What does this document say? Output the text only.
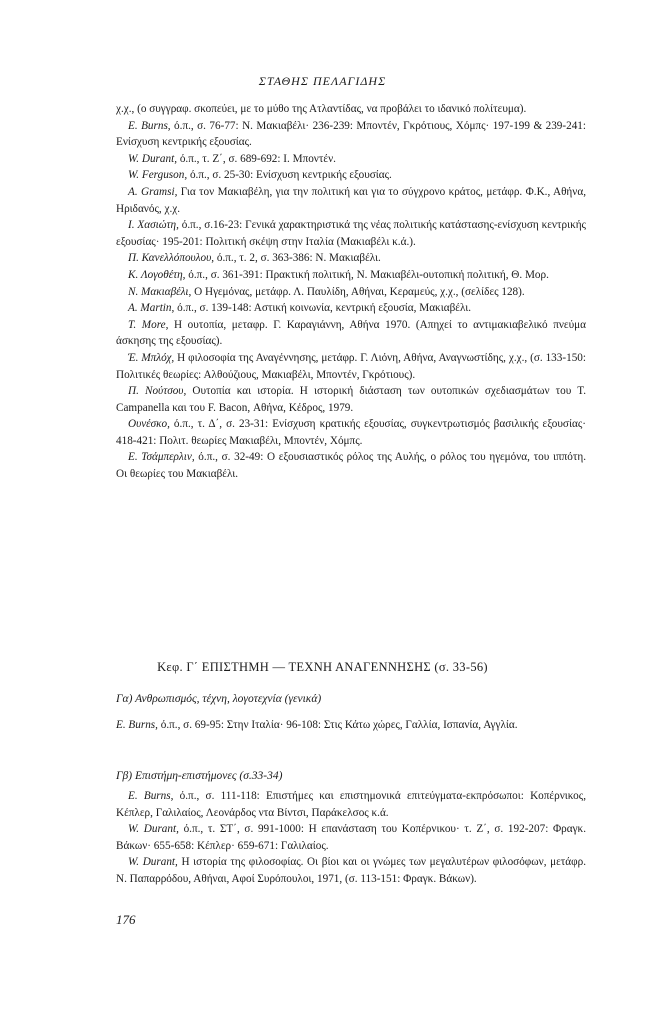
ΣΤΑΘΗΣ ΠΕΛΑΓΙΔΗΣ

χ.χ., (ο συγγραφ. σκοπεύει, με το μύθο της Ατλαντίδας, να προβάλει το ιδανικό πολίτευμα).

E. Burns, ό.π., σ. 76-77: Ν. Μακιαβέλι· 236-239: Μποντέν, Γκρότιους, Χόμπς· 197-199 & 239-241: Ενίσχυση κεντρικής εξουσίας.

W. Durant, ό.π., τ. Ζ΄, σ. 689-692: Ι. Μποντέν.

W. Ferguson, ό.π., σ. 25-30: Ενίσχυση κεντρικής εξουσίας.

A. Gramsi, Για τον Μακιαβέλη, για την πολιτική και για το σύγχρονο κράτος, μετάφρ. Φ.Κ., Αθήνα, Ηριδανός, χ.χ.

Ι. Χασιώτη, ό.π., σ.16-23: Γενικά χαρακτηριστικά της νέας πολιτικής κατάστασης-ενίσχυση κεντρικής εξουσίας· 195-201: Πολιτική σκέψη στην Ιταλία (Μακιαβέλι κ.ά.).

Π. Κανελλόπουλου, ό.π., τ. 2, σ. 363-386: Ν. Μακιαβέλι.

Κ. Λογοθέτη, ό.π., σ. 361-391: Πρακτική πολιτική, Ν. Μακιαβέλι-ουτοπική πολιτική, Θ. Μορ.

Ν. Μακιαβέλι, Ο Ηγεμόνας, μετάφρ. Λ. Παυλίδη, Αθήναι, Κεραμεύς, χ.χ., (σελίδες 128).

A. Martin, ό.π., σ. 139-148: Αστική κοινωνία, κεντρική εξουσία, Μακιαβέλι.

T. More, Η ουτοπία, μεταφρ. Γ. Καραγιάννη, Αθήνα 1970. (Απηχεί το αντιμακιαβελικό πνεύμα άσκησης της εξουσίας).

Έ. Μπλόχ, Η φιλοσοφία της Αναγέννησης, μετάφρ. Γ. Λιόνη, Αθήνα, Αναγνωστίδης, χ.χ., (σ. 133-150: Πολιτικές θεωρίες: Αλθούζιους, Μακιαβέλι, Μποντέν, Γκρότιους).

Π. Νούτσου, Ουτοπία και ιστορία. Η ιστορική διάσταση των ουτοπικών σχεδιασμάτων του Τ. Campanella και του F. Bacon, Αθήνα, Κέδρος, 1979.

Ουνέσκο, ό.π., τ. Δ΄, σ. 23-31: Ενίσχυση κρατικής εξουσίας, συγκεντρωτισμός βασιλικής εξουσίας· 418-421: Πολιτ. θεωρίες Μακιαβέλι, Μποντέν, Χόμπς.

Ε. Τσάμπερλιν, ό.π., σ. 32-49: Ο εξουσιαστικός ρόλος της Αυλής, ο ρόλος του ηγεμόνα, του ιππότη. Οι θεωρίες του Μακιαβέλι.

Κεφ. Γ΄ ΕΠΙΣΤΗΜΗ — ΤΕΧΝΗ ΑΝΑΓΕΝΝΗΣΗΣ (σ. 33-56)
Γα) Ανθρωπισμός, τέχνη, λογοτεχνία (γενικά)

E. Burns, ό.π., σ. 69-95: Στην Ιταλία· 96-108: Στις Κάτω χώρες, Γαλλία, Ισπανία, Αγγλία.

Γβ) Επιστήμη-επιστήμονες (σ.33-34)

E. Burns, ό.π., σ. 111-118: Επιστήμες και επιστημονικά επιτεύγματα-εκπρόσωποι: Κοπέρνικος, Κέπλερ, Γαλιλαίος, Λεονάρδος ντα Βίντσι, Παράκελσος κ.ά.

W. Durant, ό.π., τ. ΣΤ΄, σ. 991-1000: Η επανάσταση του Κοπέρνικου· τ. Ζ΄, σ. 192-207: Φραγκ. Βάκων· 655-658: Κέπλερ· 659-671: Γαλιλαίος.

W. Durant, Η ιστορία της φιλοσοφίας. Οι βίοι και οι γνώμες των μεγαλυτέρων φιλοσόφων, μετάφρ. Ν. Παπαρρόδου, Αθήναι, Αφοί Συρόπουλοι, 1971, (σ. 113-151: Φραγκ. Βάκων).

176
